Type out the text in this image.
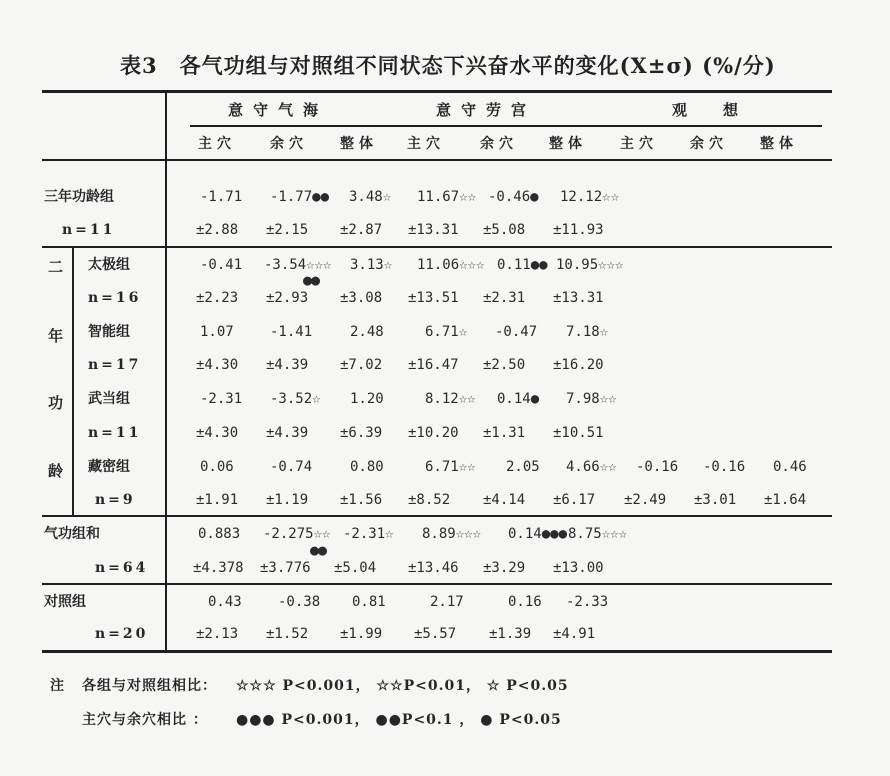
表3 各气功组与对照组不同状态下兴奋水平的变化(X±σ) (%/分)
意守气海	意守劳宫	观想
主穴 余穴 整体 主穴	余穴 整体 主穴 余穴 整体
二
年
功
龄
三年功龄组	-1.71 -1.77●● 3.48☆ 11.67☆☆ -0.46● 12.12☆☆
n=11	±2.88 ±2.15 ±2.87 ±13.31 ±5.08 ±11.93
太极组	-0.41 -3.54☆☆☆ 3.13☆ 11.06☆☆☆ 0.11●● 10.95☆☆☆
●●
n=16	±2.23 ±2.93 ±3.08 ±13.51 ±2.31 ±13.31
智能组	1.07	-1.41	2.48	6.71☆ -0.47 7.18☆
n=17	±4.30 ±4.39 ±7.02 ±16.47 ±2.50 ±16.20
武当组	-2.31 -3.52☆ 1.20	8.12☆☆ 0.14● 7.98☆☆
n=11	±4.30 ±4.39 ±6.39 ±10.20 ±1.31 ±10.51
藏密组	0.06	-0.74	0.80	6.71☆☆ 2.05 4.66☆☆ -0.16 -0.16 0.46
n=9	±1.91 ±1.19 ±1.56 ±8.52 ±4.14 ±6.17 ±2.49 ±3.01 ±1.64
气功组和	0.883 -2.275☆☆ -2.31☆ 8.89☆☆☆ 0.14●●● 8.75☆☆☆
●●
n=64	±4.378 ±3.776 ±5.04 ±13.46 ±3.29 ±13.00
对照组	0.43	-0.38 0.81	2.17	0.16 -2.33
n=20	±2.13 ±1.52 ±1.99 ±5.57 ±1.39 ±4.91
注 各组与对照组相比： ☆☆☆ P<0.001， ☆☆P<0.01， ☆ P<0.05
主穴与余穴相比 ： ●●● P<0.001， ●●P<0.1 ， ● P<0.05
